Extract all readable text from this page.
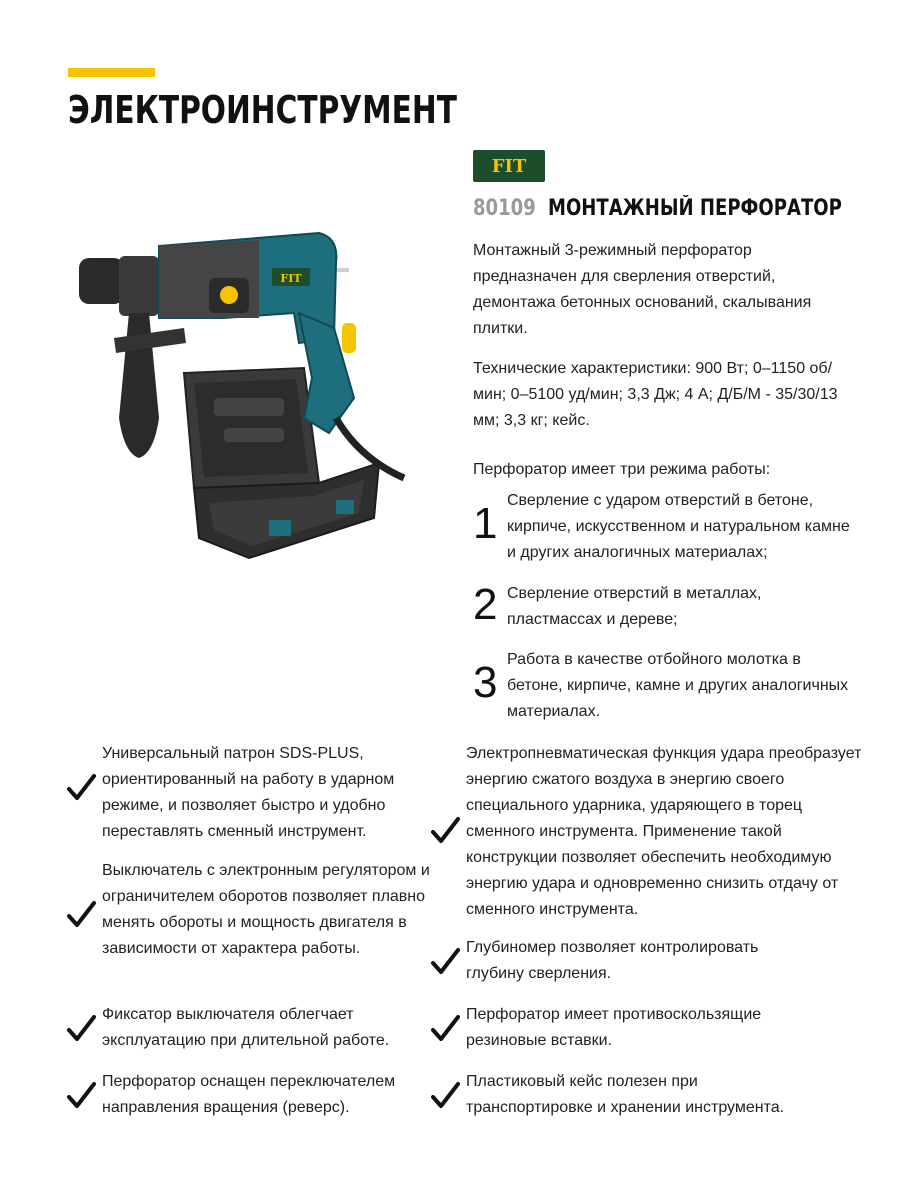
ЭЛЕКТРОИНСТРУМЕНТ
FIT
FIT
80109 МОНТАЖНЫЙ ПЕРФОРАТОР
Монтажный 3-режимный перфоратор предназначен для сверления отверстий, демонтажа бетонных оснований, скалывания плитки.
Технические характеристики: 900 Вт; 0–1150 об/мин; 0–5100 уд/мин; 3,3 Дж; 4 А; Д/Б/М - 35/30/13 мм; 3,3 кг; кейс.
Перфоратор имеет три режима работы:
1 Сверление с ударом отверстий в бетоне, кирпиче, искусственном и натуральном камне и других аналогичных материалах;
2 Сверление отверстий в металлах, пластмассах и дереве;
3 Работа в качестве отбойного молотка в бетоне, кирпиче, камне и других аналогичных материалах.
Универсальный патрон SDS-PLUS, ориентированный на работу в ударном режиме, и позволяет быстро и удобно переставлять сменный инструмент.
Выключатель с электронным регулятором и ограничителем оборотов позволяет плавно менять обороты и мощность двигателя в зависимости от характера работы.
Фиксатор выключателя облегчает эксплуатацию при длительной работе.
Перфоратор оснащен переключателем направления вращения (реверс).
Электропневматическая функция удара преобразует энергию сжатого воздуха в энергию своего специального ударника, ударяющего в торец сменного инструмента. Применение такой конструкции позволяет обеспечить необходимую энергию удара и одновременно снизить отдачу от сменного инструмента.
Глубиномер позволяет контролировать глубину сверления.
Перфоратор имеет противоскользящие резиновые вставки.
Пластиковый кейс полезен при транспортировке и хранении инструмента.
